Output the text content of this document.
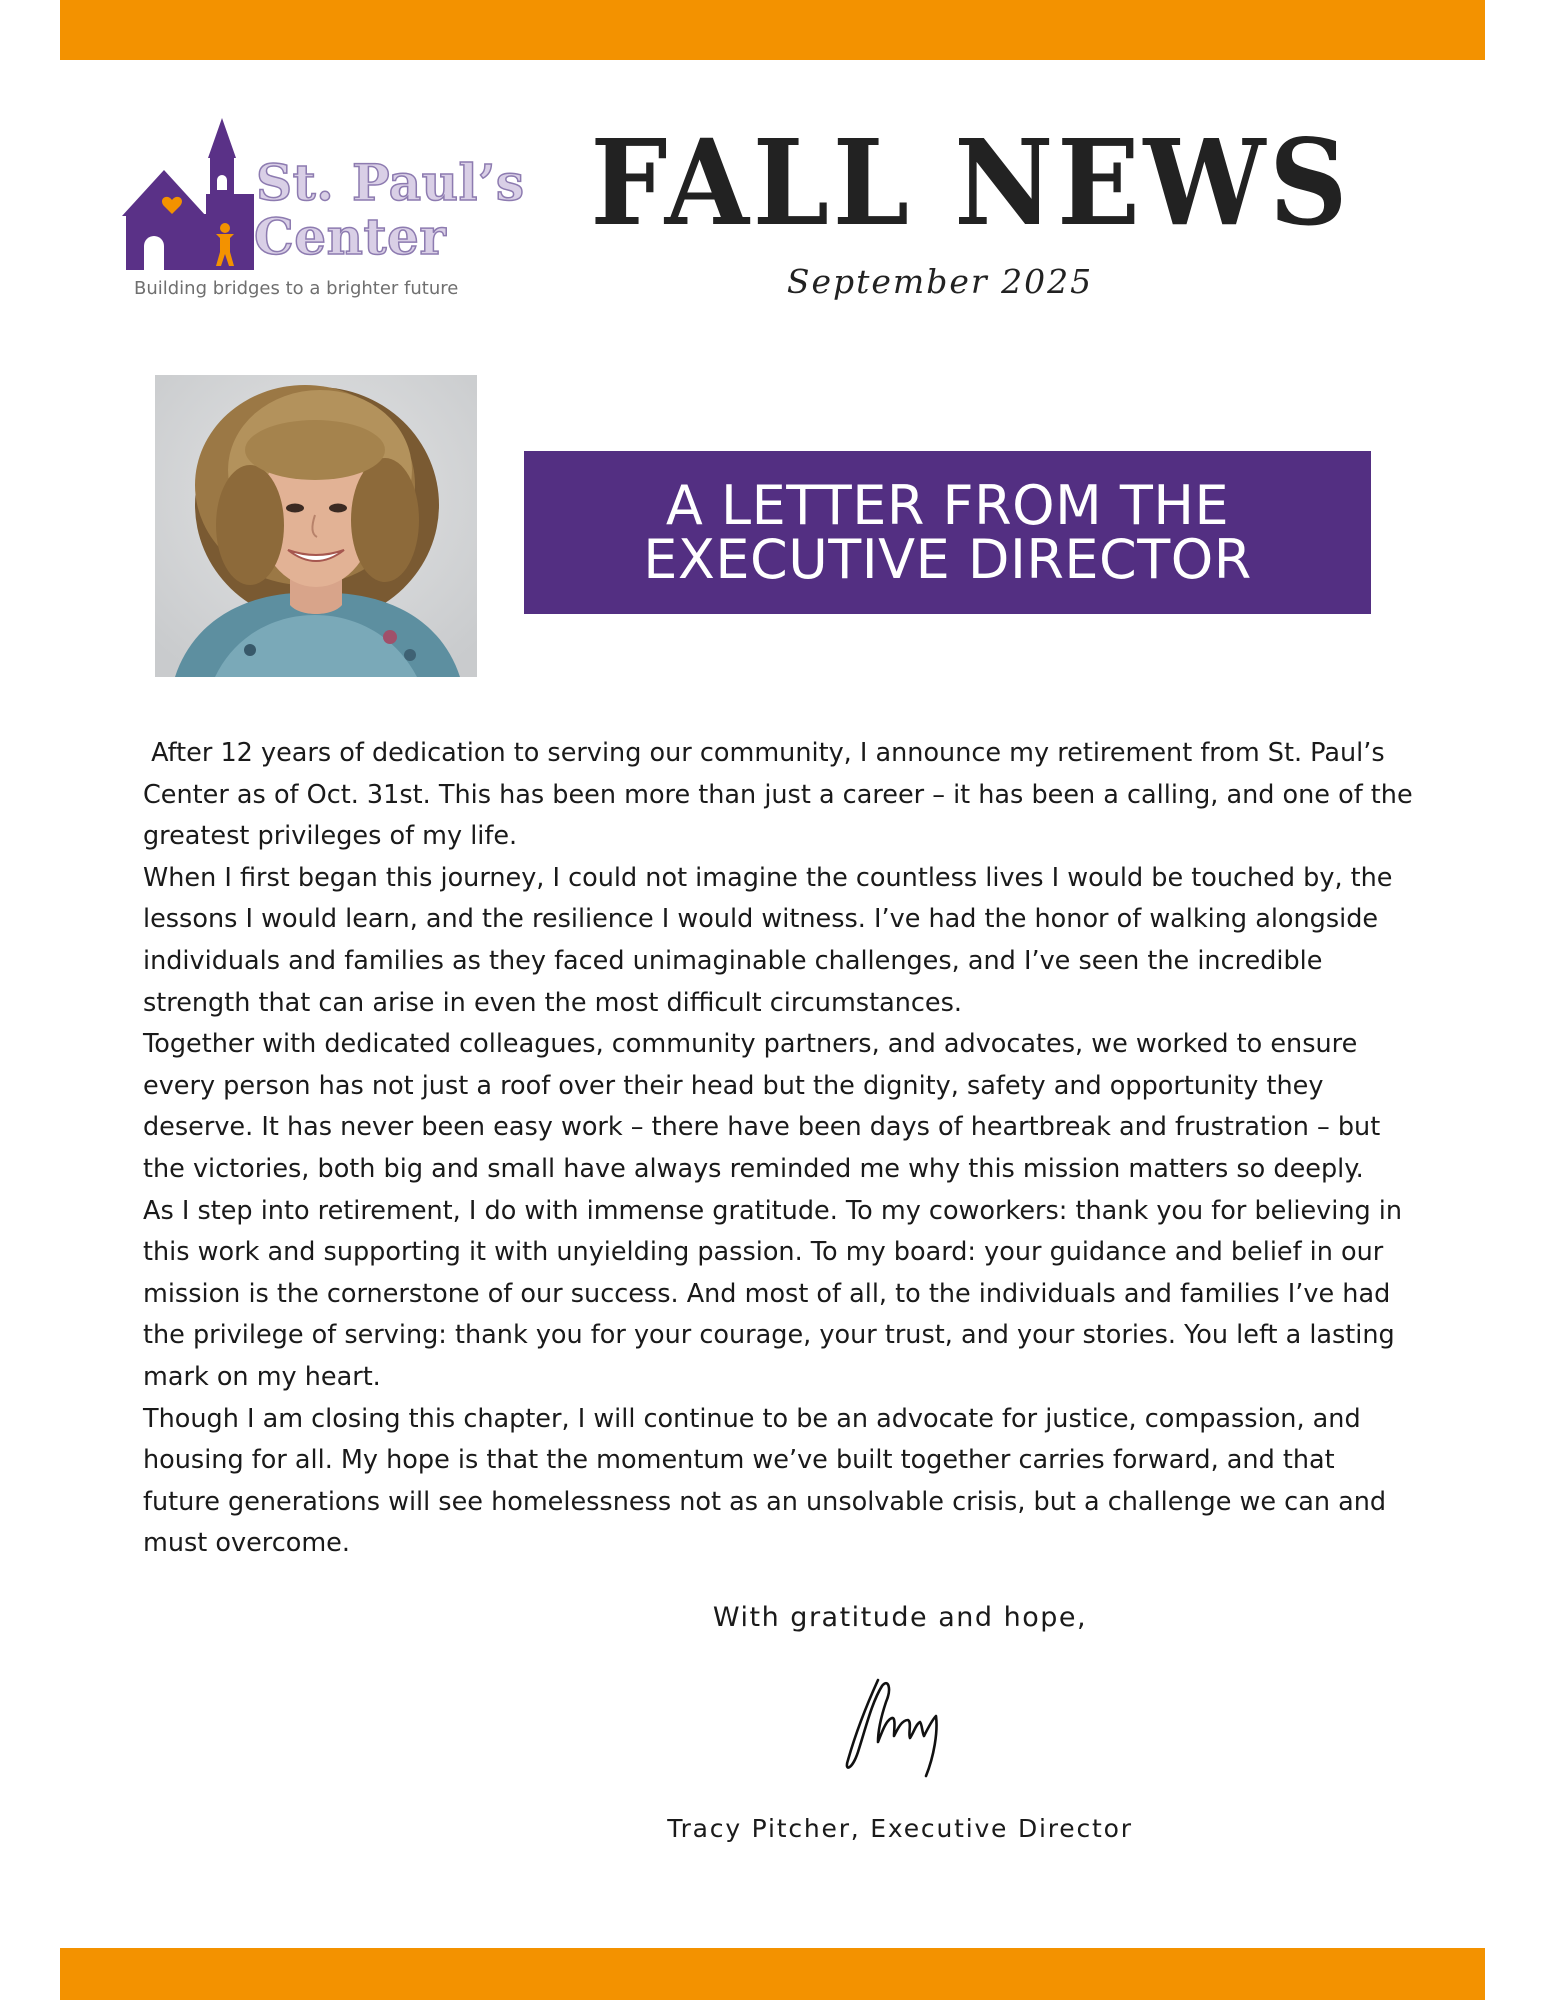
St. Paul’s
Center
Building bridges to a brighter future
FALL NEWS
September 2025
A LETTER FROM THE
EXECUTIVE DIRECTOR

After 12 years of dedication to serving our community, I announce my retirement from St. Paul’s Center as of Oct. 31st. This has been more than just a career – it has been a calling, and one of the greatest privileges of my life.

When I first began this journey, I could not imagine the countless lives I would be touched by, the lessons I would learn, and the resilience I would witness. I’ve had the honor of walking alongside individuals and families as they faced unimaginable challenges, and I’ve seen the incredible strength that can arise in even the most difficult circumstances.

Together with dedicated colleagues, community partners, and advocates, we worked to ensure every person has not just a roof over their head but the dignity, safety and opportunity they deserve. It has never been easy work – there have been days of heartbreak and frustration – but the victories, both big and small have always reminded me why this mission matters so deeply.

As I step into retirement, I do with immense gratitude. To my coworkers: thank you for believing in this work and supporting it with unyielding passion. To my board: your guidance and belief in our mission is the cornerstone of our success. And most of all, to the individuals and families I’ve had the privilege of serving: thank you for your courage, your trust, and your stories. You left a lasting mark on my heart.

Though I am closing this chapter, I will continue to be an advocate for justice, compassion, and housing for all. My hope is that the momentum we’ve built together carries forward, and that future generations will see homelessness not as an unsolvable crisis, but a challenge we can and must overcome.

With gratitude and hope,
Tracy Pitcher, Executive Director
